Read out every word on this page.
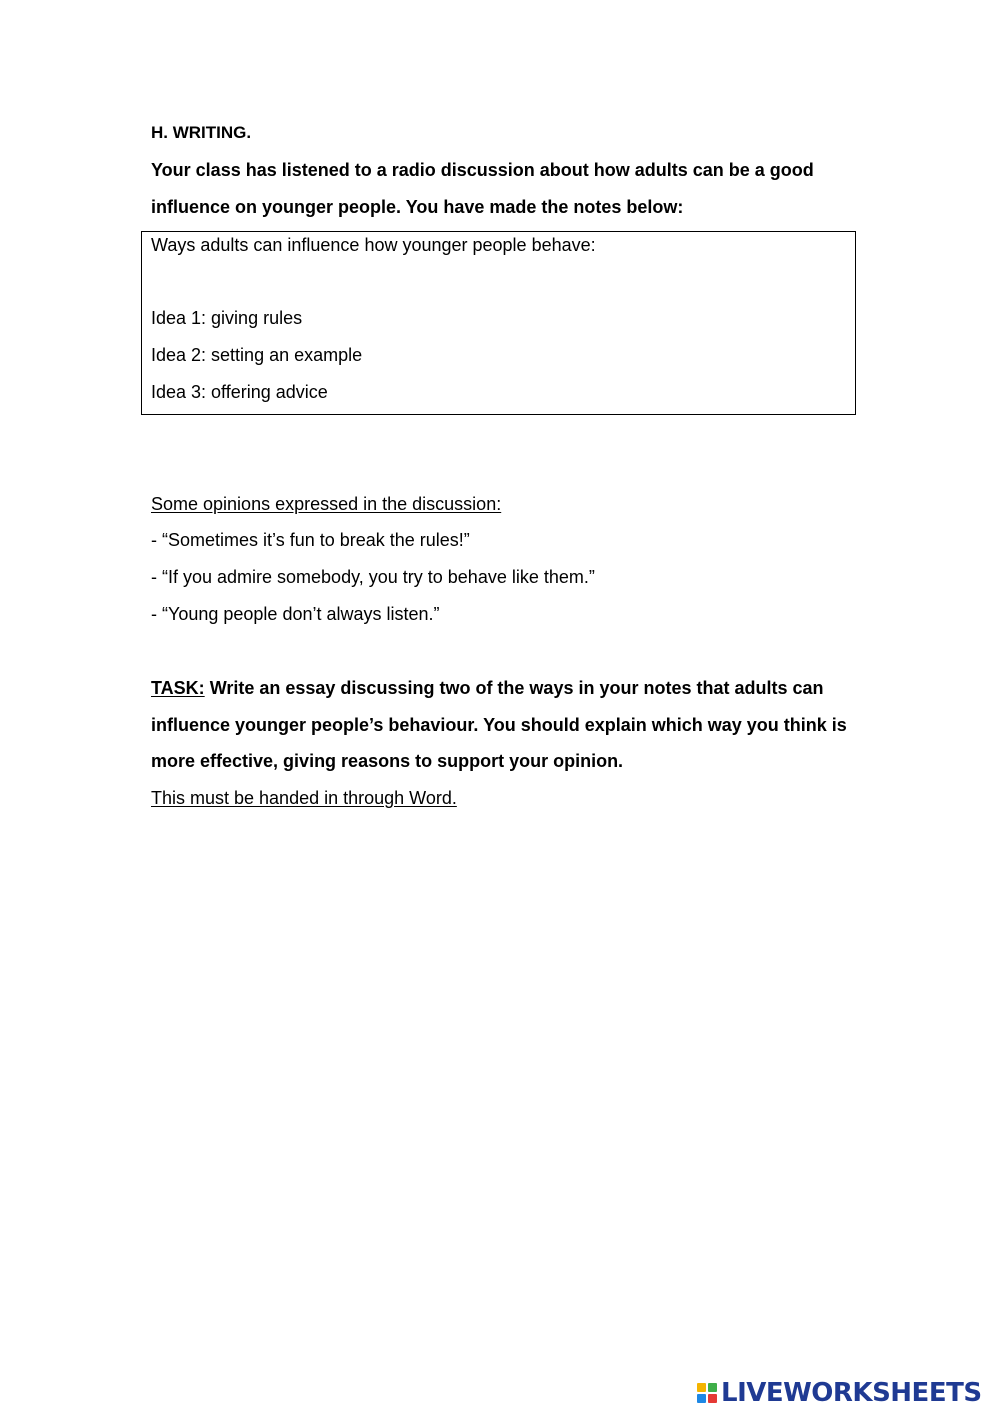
H. WRITING.
Your class has listened to a radio discussion about how adults can be a good
influence on younger people. You have made the notes below:
Ways adults can influence how younger people behave:
Idea 1: giving rules
Idea 2: setting an example
Idea 3: offering advice
Some opinions expressed in the discussion:
- “Sometimes it’s fun to break the rules!”
- “If you admire somebody, you try to behave like them.”
- “Young people don’t always listen.”
TASK: Write an essay discussing two of the ways in your notes that adults can
influence younger people’s behaviour. You should explain which way you think is
more effective, giving reasons to support your opinion.
This must be handed in through Word.
LIVEWORKSHEETS
